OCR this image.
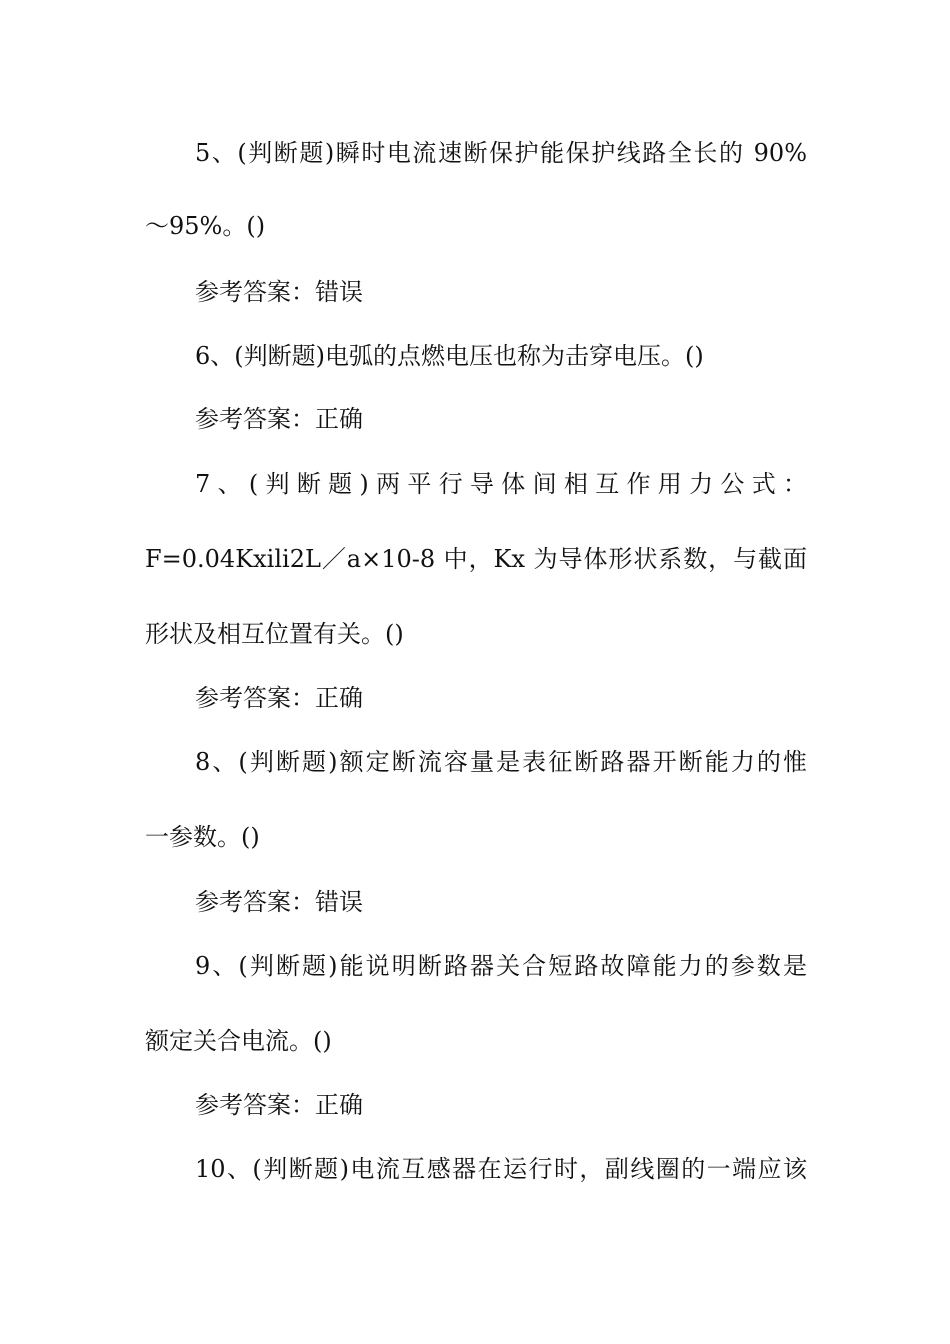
5、(判断题)瞬时电流速断保护能保护线路全长的 90%
～95%。()
参考答案：错误
6、(判断题)电弧的点燃电压也称为击穿电压。()
参考答案：正确
7、(判断题)两平行导体间相互作用力公式：
F=0.04Kxili2L／a×10-8 中，Kx 为导体形状系数，与截面
形状及相互位置有关。()
参考答案：正确
8、(判断题)额定断流容量是表征断路器开断能力的惟
一参数。()
参考答案：错误
9、(判断题)能说明断路器关合短路故障能力的参数是
额定关合电流。()
参考答案：正确
10、(判断题)电流互感器在运行时，副线圈的一端应该
